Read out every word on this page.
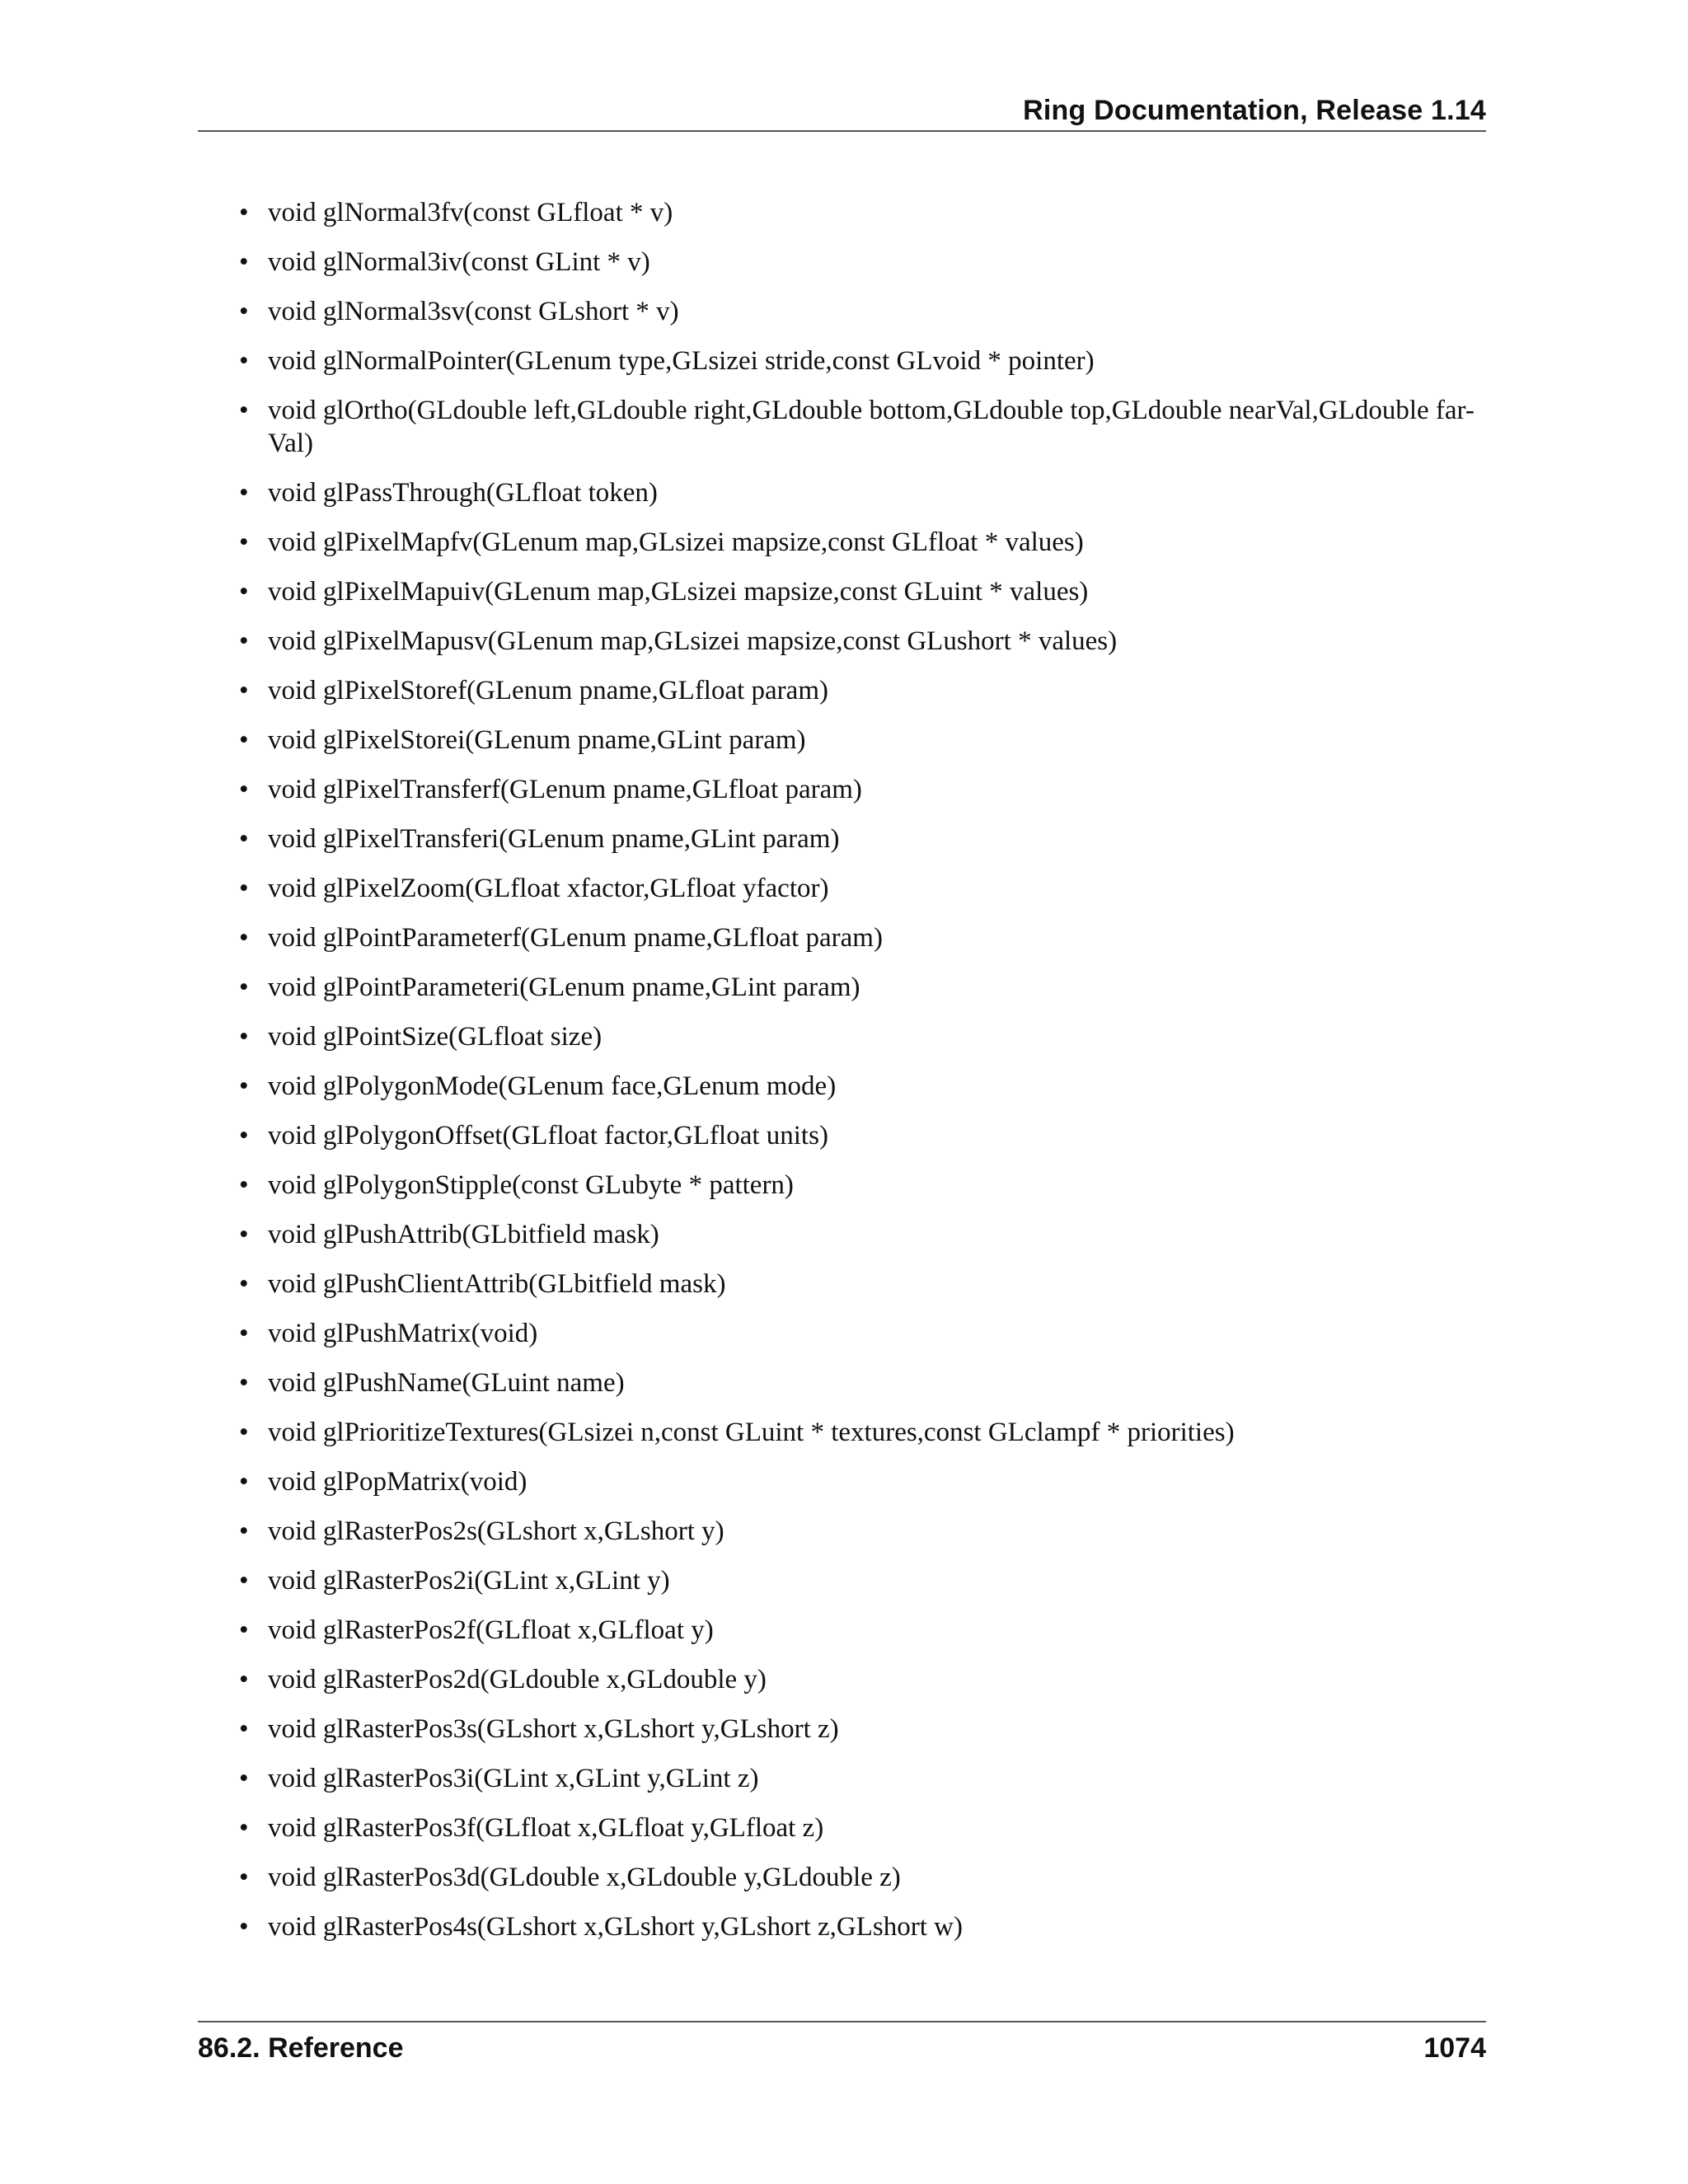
Ring Documentation, Release 1.14
• void glNormal3fv(const GLfloat * v)
• void glNormal3iv(const GLint * v)
• void glNormal3sv(const GLshort * v)
• void glNormalPointer(GLenum type,GLsizei stride,const GLvoid * pointer)
• void glOrtho(GLdouble left,GLdouble right,GLdouble bottom,GLdouble top,GLdouble nearVal,GLdouble far-Val)
• void glPassThrough(GLfloat token)
• void glPixelMapfv(GLenum map,GLsizei mapsize,const GLfloat * values)
• void glPixelMapuiv(GLenum map,GLsizei mapsize,const GLuint * values)
• void glPixelMapusv(GLenum map,GLsizei mapsize,const GLushort * values)
• void glPixelStoref(GLenum pname,GLfloat param)
• void glPixelStorei(GLenum pname,GLint param)
• void glPixelTransferf(GLenum pname,GLfloat param)
• void glPixelTransferi(GLenum pname,GLint param)
• void glPixelZoom(GLfloat xfactor,GLfloat yfactor)
• void glPointParameterf(GLenum pname,GLfloat param)
• void glPointParameteri(GLenum pname,GLint param)
• void glPointSize(GLfloat size)
• void glPolygonMode(GLenum face,GLenum mode)
• void glPolygonOffset(GLfloat factor,GLfloat units)
• void glPolygonStipple(const GLubyte * pattern)
• void glPushAttrib(GLbitfield mask)
• void glPushClientAttrib(GLbitfield mask)
• void glPushMatrix(void)
• void glPushName(GLuint name)
• void glPrioritizeTextures(GLsizei n,const GLuint * textures,const GLclampf * priorities)
• void glPopMatrix(void)
• void glRasterPos2s(GLshort x,GLshort y)
• void glRasterPos2i(GLint x,GLint y)
• void glRasterPos2f(GLfloat x,GLfloat y)
• void glRasterPos2d(GLdouble x,GLdouble y)
• void glRasterPos3s(GLshort x,GLshort y,GLshort z)
• void glRasterPos3i(GLint x,GLint y,GLint z)
• void glRasterPos3f(GLfloat x,GLfloat y,GLfloat z)
• void glRasterPos3d(GLdouble x,GLdouble y,GLdouble z)
• void glRasterPos4s(GLshort x,GLshort y,GLshort z,GLshort w)
86.2. Reference	1074
